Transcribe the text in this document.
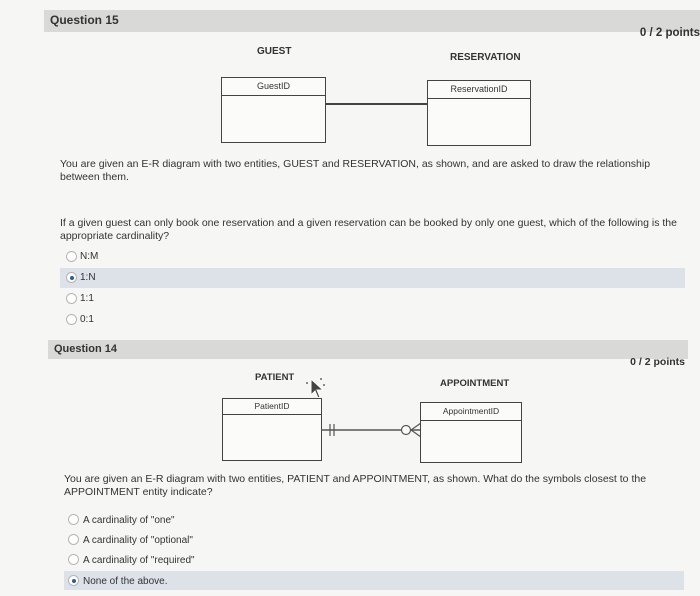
Question 15
0 / 2 points
GUEST
RESERVATION
GuestID	ReservationID
You are given an E-R diagram with two entities, GUEST and RESERVATION, as shown, and are asked to draw the relationship between them.
If a given guest can only book one reservation and a given reservation can be booked by only one guest, which of the following is the appropriate cardinality?
N:M
1:N
1:1
0:1
Question 14
0 / 2 points
PATIENT
APPOINTMENT
PatientID	AppointmentID
You are given an E-R diagram with two entities, PATIENT and APPOINTMENT, as shown. What do the symbols closest to the APPOINTMENT entity indicate?
A cardinality of "one"
A cardinality of "optional"
A cardinality of "required"
None of the above.
